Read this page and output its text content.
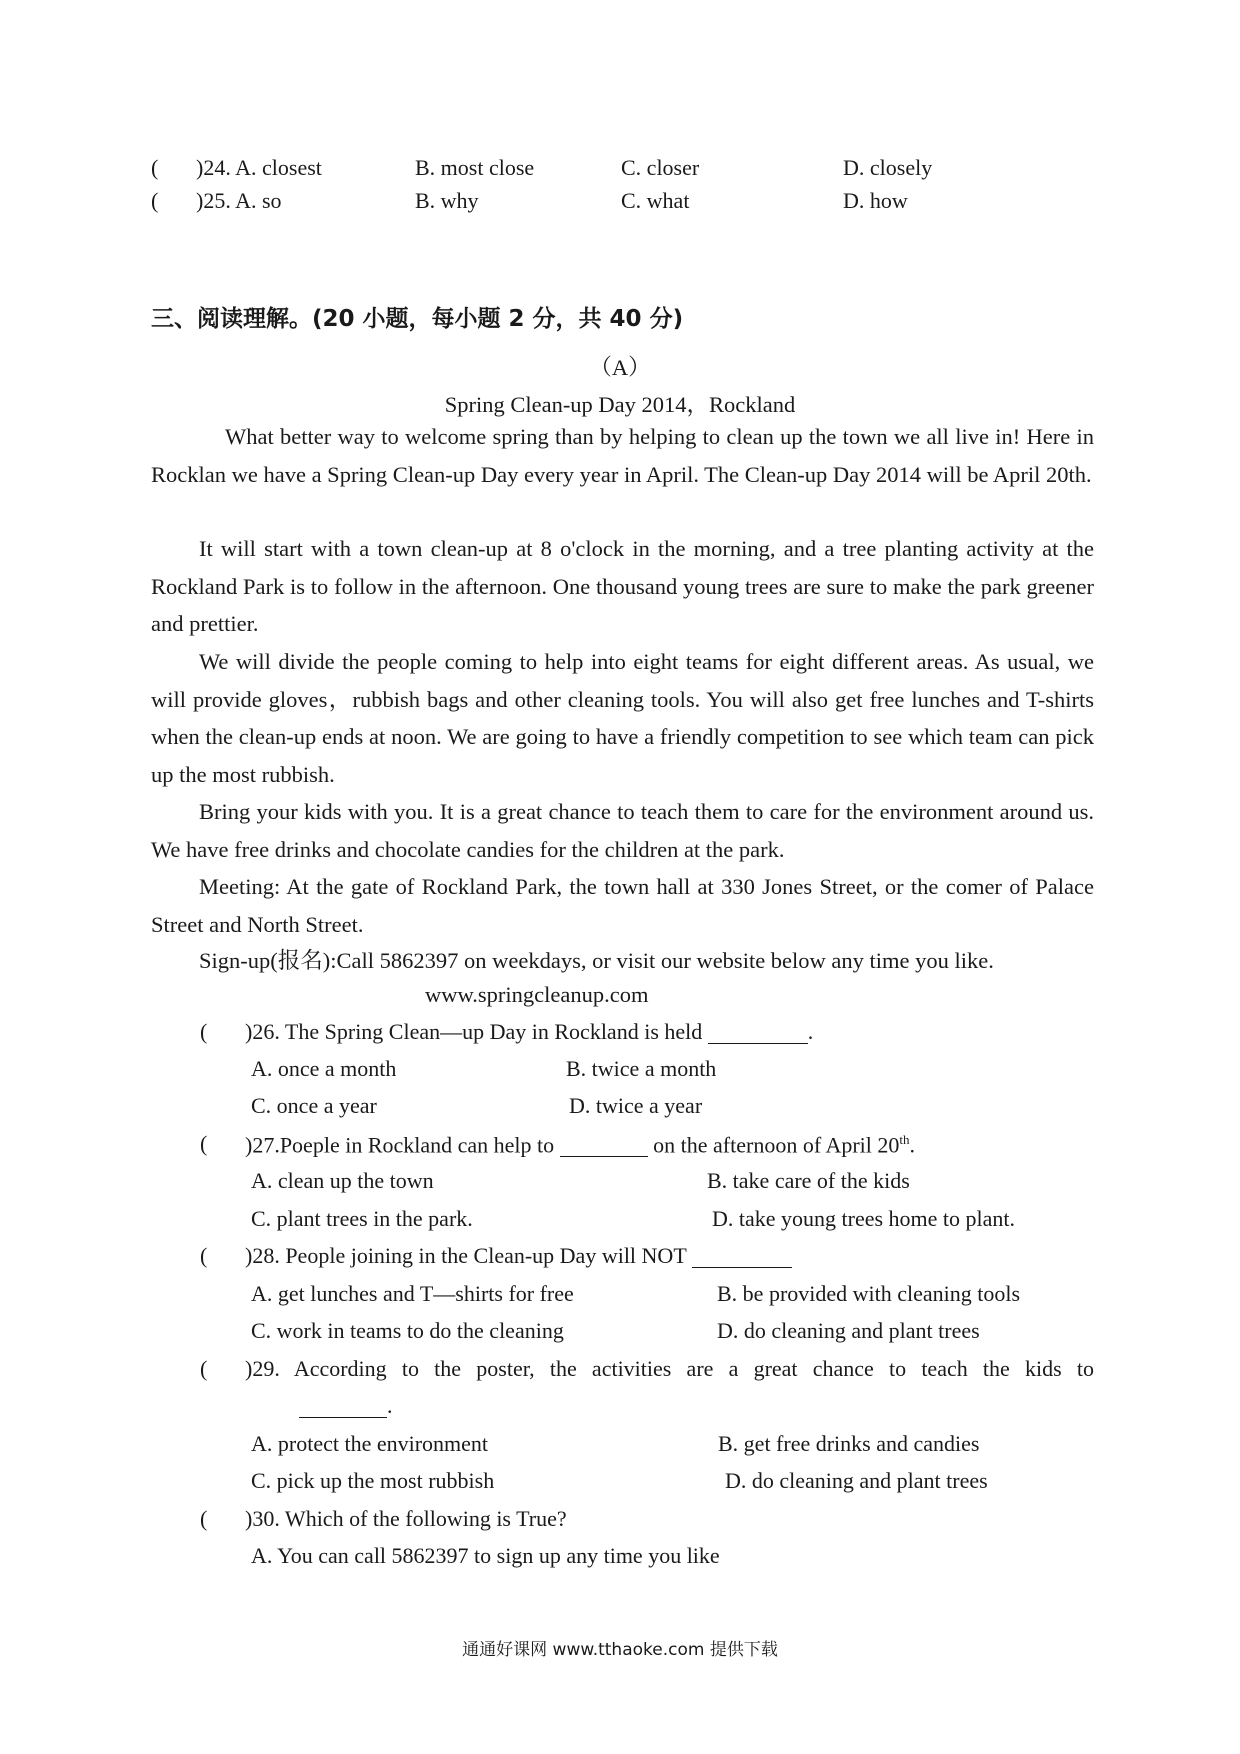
( )24. A. closest	B. most close	C. closer	D. closely
( )25. A. so	B. why	C. what	D. how
三、阅读理解。(20 小题，每小题 2 分，共 40 分)
（A）
Spring Clean-up Day 2014，Rockland
What better way to welcome spring than by helping to clean up the town we all live in! Here in Rocklan we have a Spring Clean-up Day every year in April. The Clean-up Day 2014 will be April 20th.
It will start with a town clean-up at 8 o'clock in the morning, and a tree planting activity at the Rockland Park is to follow in the afternoon. One thousand young trees are sure to make the park greener and prettier.
We will divide the people coming to help into eight teams for eight different areas. As usual, we will provide gloves，rubbish bags and other cleaning tools. You will also get free lunches and T-shirts when the clean-up ends at noon. We are going to have a friendly competition to see which team can pick up the most rubbish.
Bring your kids with you. It is a great chance to teach them to care for the environment around us. We have free drinks and chocolate candies for the children at the park.
Meeting: At the gate of Rockland Park, the town hall at 330 Jones Street, or the comer of Palace Street and North Street.
Sign-up(报名):Call 5862397 on weekdays, or visit our website below any time you like.
www.springcleanup.com
( )26. The Spring Clean—up Day in Rockland is held	.
A. once a month	B. twice a month
C. once a year	D. twice a year
( )27.Poeple in Rockland can help to	on the afternoon of April 20th.
A. clean up the town	B. take care of the kids
C. plant trees in the park.	D. take young trees home to plant.
( )28. People joining in the Clean-up Day will NOT
A. get lunches and T—shirts for free	B. be provided with cleaning tools
C. work in teams to do the cleaning	D. do cleaning and plant trees
( )29. According to the poster, the activities are a great chance to teach the kids to
.
A. protect the environment	B. get free drinks and candies
C. pick up the most rubbish	D. do cleaning and plant trees
( )30. Which of the following is True?
A. You can call 5862397 to sign up any time you like
通通好课网 www.tthaoke.com 提供下载
